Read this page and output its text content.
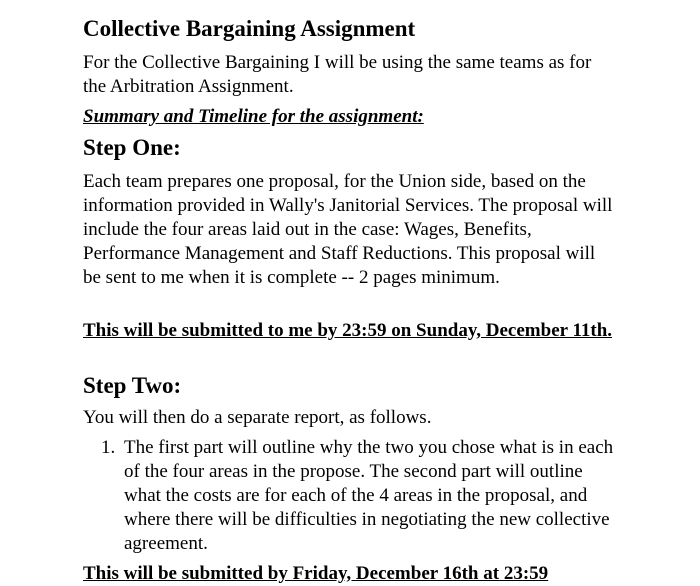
Collective Bargaining Assignment
For the Collective Bargaining I will be using the same teams as for the Arbitration Assignment.
Summary and Timeline for the assignment:
Step One:
Each team prepares one proposal, for the Union side, based on the information provided in Wally's Janitorial Services. The proposal will include the four areas laid out in the case: Wages, Benefits, Performance Management and Staff Reductions. This proposal will be sent to me when it is complete -- 2 pages minimum.
This will be submitted to me by 23:59 on Sunday, December 11th.
Step Two:
You will then do a separate report, as follows.
1. The first part will outline why the two you chose what is in each of the four areas in the propose. The second part will outline what the costs are for each of the 4 areas in the proposal, and where there will be difficulties in negotiating the new collective agreement.
This will be submitted by Friday, December 16th at 23:59
